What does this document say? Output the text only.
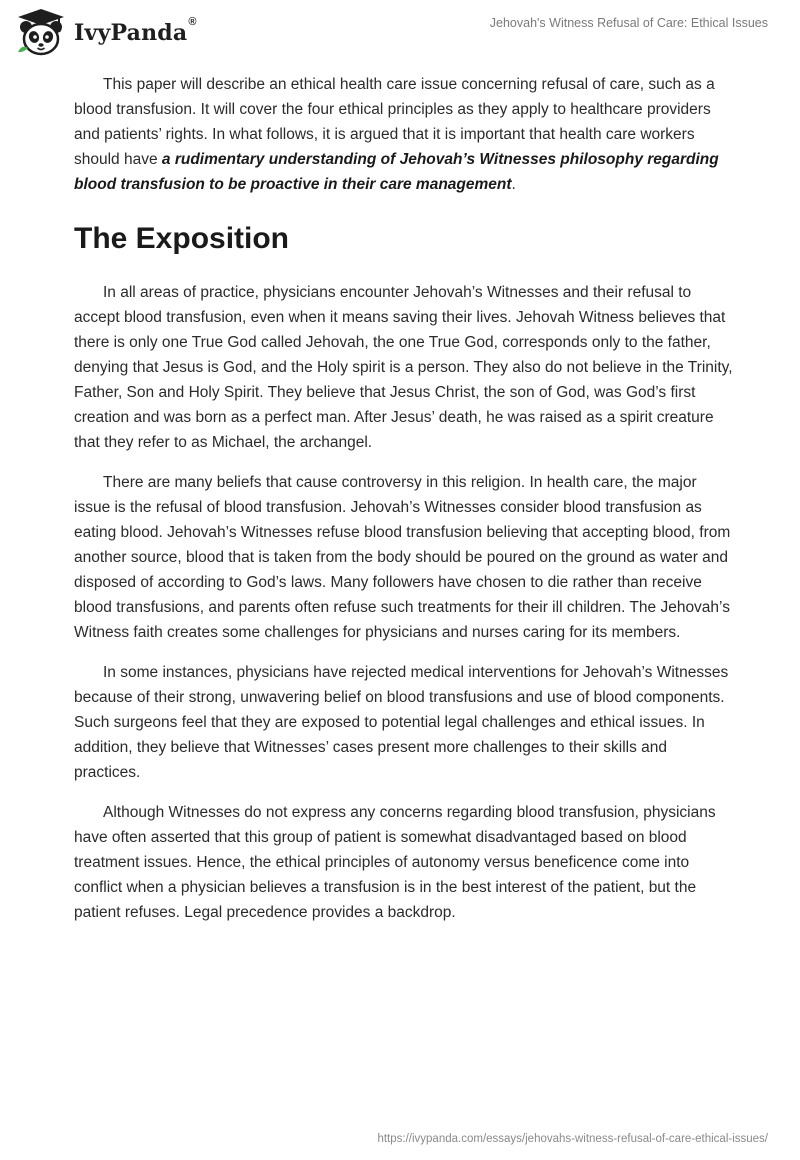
IvyPanda®	Jehovah's Witness Refusal of Care: Ethical Issues

This paper will describe an ethical health care issue concerning refusal of care, such as a blood transfusion. It will cover the four ethical principles as they apply to healthcare providers and patients’ rights. In what follows, it is argued that it is important that health care workers should have a rudimentary understanding of Jehovah’s Witnesses philosophy regarding blood transfusion to be proactive in their care management.

The Exposition

In all areas of practice, physicians encounter Jehovah’s Witnesses and their refusal to accept blood transfusion, even when it means saving their lives. Jehovah Witness believes that there is only one True God called Jehovah, the one True God, corresponds only to the father, denying that Jesus is God, and the Holy spirit is a person. They also do not believe in the Trinity, Father, Son and Holy Spirit. They believe that Jesus Christ, the son of God, was God’s first creation and was born as a perfect man. After Jesus’ death, he was raised as a spirit creature that they refer to as Michael, the archangel.

There are many beliefs that cause controversy in this religion. In health care, the major issue is the refusal of blood transfusion. Jehovah’s Witnesses consider blood transfusion as eating blood. Jehovah’s Witnesses refuse blood transfusion believing that accepting blood, from another source, blood that is taken from the body should be poured on the ground as water and disposed of according to God’s laws. Many followers have chosen to die rather than receive blood transfusions, and parents often refuse such treatments for their ill children. The Jehovah’s Witness faith creates some challenges for physicians and nurses caring for its members.

In some instances, physicians have rejected medical interventions for Jehovah’s Witnesses because of their strong, unwavering belief on blood transfusions and use of blood components. Such surgeons feel that they are exposed to potential legal challenges and ethical issues. In addition, they believe that Witnesses’ cases present more challenges to their skills and practices.

Although Witnesses do not express any concerns regarding blood transfusion, physicians have often asserted that this group of patient is somewhat disadvantaged based on blood treatment issues. Hence, the ethical principles of autonomy versus beneficence come into conflict when a physician believes a transfusion is in the best interest of the patient, but the patient refuses. Legal precedence provides a backdrop.

https://ivypanda.com/essays/jehovahs-witness-refusal-of-care-ethical-issues/
